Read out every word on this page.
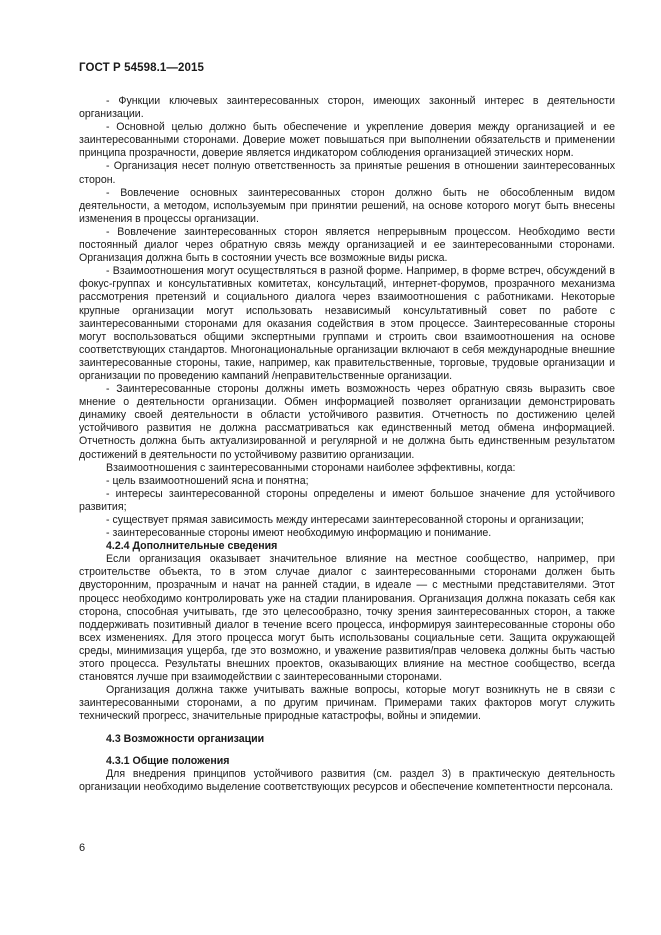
ГОСТ Р 54598.1—2015

- Функции ключевых заинтересованных сторон, имеющих законный интерес в деятельности организации.

- Основной целью должно быть обеспечение и укрепление доверия между организацией и ее заинтересованными сторонами. Доверие может повышаться при выполнении обязательств и применении принципа прозрачности, доверие является индикатором соблюдения организацией этических норм.

- Организация несет полную ответственность за принятые решения в отношении заинтересованных сторон.

- Вовлечение основных заинтересованных сторон должно быть не обособленным видом деятельности, а методом, используемым при принятии решений, на основе которого могут быть внесены изменения в процессы организации.

- Вовлечение заинтересованных сторон является непрерывным процессом. Необходимо вести постоянный диалог через обратную связь между организацией и ее заинтересованными сторонами. Организация должна быть в состоянии учесть все возможные виды риска.

- Взаимоотношения могут осуществляться в разной форме. Например, в форме встреч, обсуждений в фокус-группах и консультативных комитетах, консультаций, интернет-форумов, прозрачного механизма рассмотрения претензий и социального диалога через взаимоотношения с работниками. Некоторые крупные организации могут использовать независимый консультативный совет по работе с заинтересованными сторонами для оказания содействия в этом процессе. Заинтересованные стороны могут воспользоваться общими экспертными группами и строить свои взаимоотношения на основе соответствующих стандартов. Многонациональные организации включают в себя международные внешние заинтересованные стороны, такие, например, как правительственные, торговые, трудовые организации и организации по проведению кампаний /неправительственные организации.

- Заинтересованные стороны должны иметь возможность через обратную связь выразить свое мнение о деятельности организации. Обмен информацией позволяет организации демонстрировать динамику своей деятельности в области устойчивого развития. Отчетность по достижению целей устойчивого развития не должна рассматриваться как единственный метод обмена информацией. Отчетность должна быть актуализированной и регулярной и не должна быть единственным результатом достижений в деятельности по устойчивому развитию организации.

Взаимоотношения с заинтересованными сторонами наиболее эффективны, когда:

- цель взаимоотношений ясна и понятна;

- интересы заинтересованной стороны определены и имеют большое значение для устойчивого развития;

- существует прямая зависимость между интересами заинтересованной стороны и организации;

- заинтересованные стороны имеют необходимую информацию и понимание.

4.2.4 Дополнительные сведения

Если организация оказывает значительное влияние на местное сообщество, например, при строительстве объекта, то в этом случае диалог с заинтересованными сторонами должен быть двусторонним, прозрачным и начат на ранней стадии, в идеале — с местными представителями. Этот процесс необходимо контролировать уже на стадии планирования. Организация должна показать себя как сторона, способная учитывать, где это целесообразно, точку зрения заинтересованных сторон, а также поддерживать позитивный диалог в течение всего процесса, информируя заинтересованные стороны обо всех изменениях. Для этого процесса могут быть использованы социальные сети. Защита окружающей среды, минимизация ущерба, где это возможно, и уважение развития/прав человека должны быть частью этого процесса. Результаты внешних проектов, оказывающих влияние на местное сообщество, всегда становятся лучше при взаимодействии с заинтересованными сторонами.

Организация должна также учитывать важные вопросы, которые могут возникнуть не в связи с заинтересованными сторонами, а по другим причинам. Примерами таких факторов могут служить технический прогресс, значительные природные катастрофы, войны и эпидемии.

4.3 Возможности организации

4.3.1 Общие положения

Для внедрения принципов устойчивого развития (см. раздел 3) в практическую деятельность организации необходимо выделение соответствующих ресурсов и обеспечение компетентности персонала.

6
